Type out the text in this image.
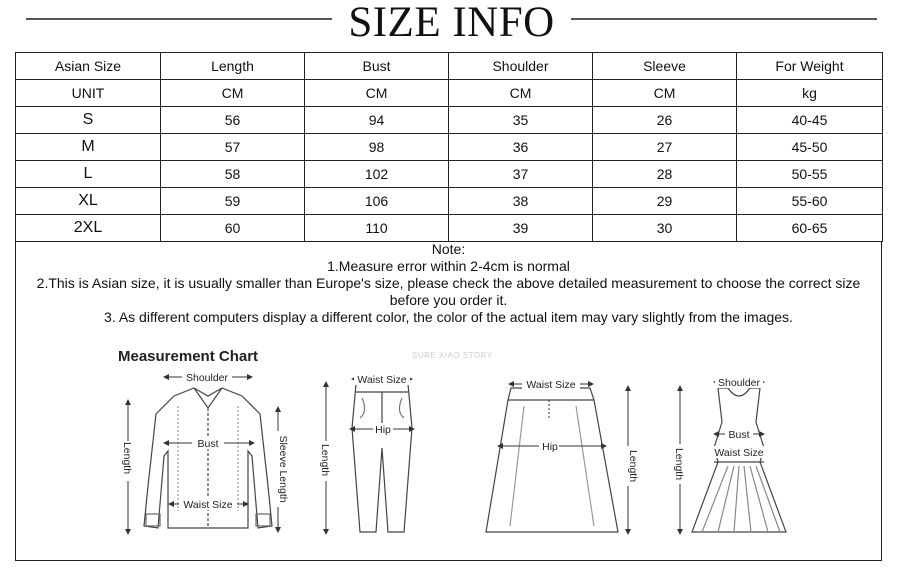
SIZE INFO
Asian Size	Length	Bust	Shoulder	Sleeve	For Weight
UNIT	CM	CM	CM	CM	kg
S	56	94	35	26	40-45
M	57	98	36	27	45-50
L	58	102	37	28	50-55
XL	59	106	38	29	55-60
2XL	60	110	39	30	60-65
Note:
1.Measure error within 2-4cm is normal
2.This is Asian size, it is usually smaller than Europe's size, please check the above detailed measurement to choose the correct size
before you order it.
3. As different computers display a different color, the color of the actual item may vary slightly from the images.
Measurement Chart	SURE XIAO STORY
Shoulder
Bust
Waist Size
Length	Sleeve Length
Waist Size
Hip
Length
Waist Size
Hip
Length
Shoulder
Bust
Waist Size
Length
